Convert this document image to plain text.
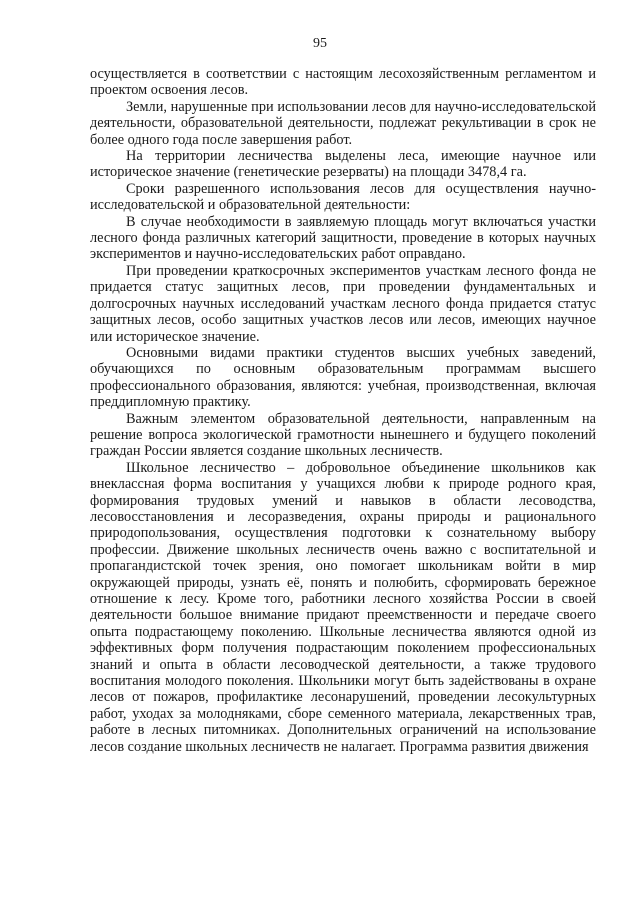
95

осуществляется в соответствии с настоящим лесохозяйственным регламентом и проектом освоения лесов.

Земли, нарушенные при использовании лесов для научно-исследовательской деятельности, образовательной деятельности, подлежат рекультивации в срок не более одного года после завершения работ.

На территории лесничества выделены леса, имеющие научное или историческое значение (генетические резерваты) на площади 3478,4 га.

Сроки разрешенного использования лесов для осуществления научно-исследовательской и образовательной деятельности:

В случае необходимости в заявляемую площадь могут включаться участки лесного фонда различных категорий защитности, проведение в которых научных экспериментов и научно-исследовательских работ оправдано.

При проведении краткосрочных экспериментов участкам лесного фонда не придается статус защитных лесов, при проведении фундаментальных и долгосрочных научных исследований участкам лесного фонда придается статус защитных лесов, особо защитных участков лесов или лесов, имеющих научное или историческое значение.

Основными видами практики студентов высших учебных заведений, обучающихся по основным образовательным программам высшего профессионального образования, являются: учебная, производственная, включая преддипломную практику.

Важным элементом образовательной деятельности, направленным на решение вопроса экологической грамотности нынешнего и будущего поколений граждан России является создание школьных лесничеств.

Школьное лесничество – добровольное объединение школьников как внеклассная форма воспитания у учащихся любви к природе родного края, формирования трудовых умений и навыков в области лесоводства, лесовосстановления и лесоразведения, охраны природы и рационального природопользования, осуществления подготовки к сознательному выбору профессии. Движение школьных лесничеств очень важно с воспитательной и пропагандистской точек зрения, оно помогает школьникам войти в мир окружающей природы, узнать её, понять и полюбить, сформировать бережное отношение к лесу. Кроме того, работники лесного хозяйства России в своей деятельности большое внимание придают преемственности и передаче своего опыта подрастающему поколению. Школьные лесничества являются одной из эффективных форм получения подрастающим поколением профессиональных знаний и опыта в области лесоводческой деятельности, а также трудового воспитания молодого поколения. Школьники могут быть задействованы в охране лесов от пожаров, профилактике лесонарушений, проведении лесокультурных работ, уходах за молодняками, сборе семенного материала, лекарственных трав, работе в лесных питомниках. Дополнительных ограничений на использование лесов создание школьных лесничеств не налагает. Программа развития движения
